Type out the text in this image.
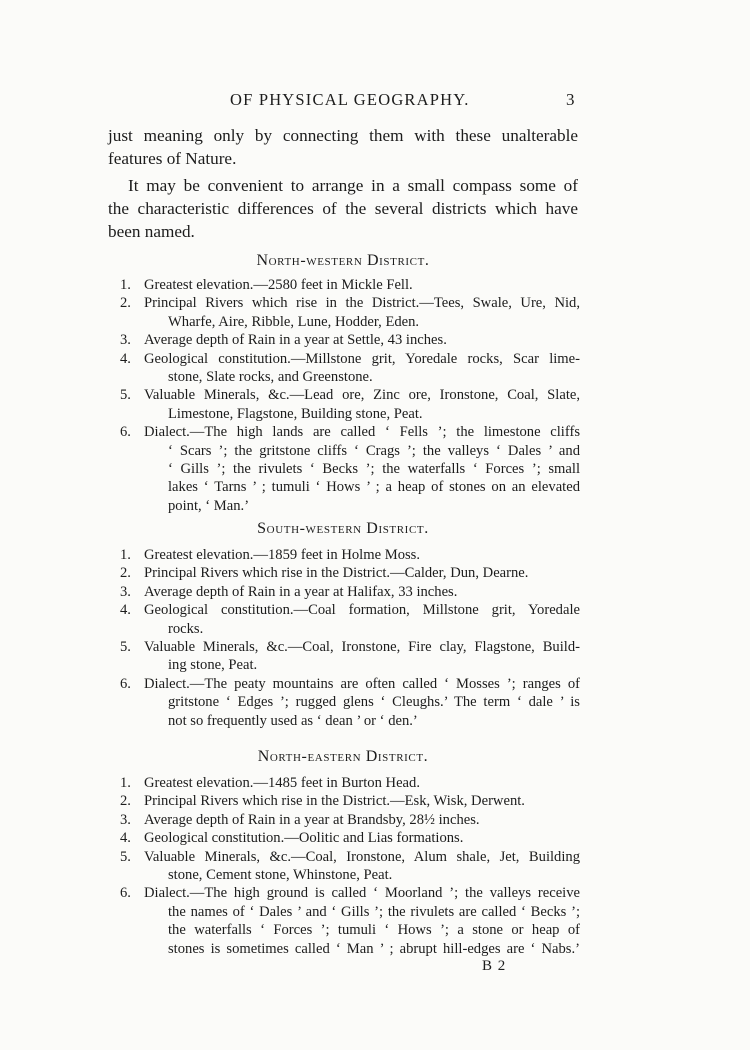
OF PHYSICAL GEOGRAPHY.	3
just meaning only by connecting them with these unalterable
features of Nature.
It may be convenient to arrange in a small compass some of
the characteristic differences of the several districts which have
been named.
North-western District.
1. Greatest elevation.—2580 feet in Mickle Fell.
2. Principal Rivers which rise in the District.—Tees, Swale, Ure, Nid,
Wharfe, Aire, Ribble, Lune, Hodder, Eden.
3. Average depth of Rain in a year at Settle, 43 inches.
4. Geological constitution.—Millstone grit, Yoredale rocks, Scar lime-
stone, Slate rocks, and Greenstone.
5. Valuable Minerals, &c.—Lead ore, Zinc ore, Ironstone, Coal, Slate,
Limestone, Flagstone, Building stone, Peat.
6. Dialect.—The high lands are called ‘ Fells ’; the limestone cliffs
‘ Scars ’; the gritstone cliffs ‘ Crags ’; the valleys ‘ Dales ’ and
‘ Gills ’; the rivulets ‘ Becks ’; the waterfalls ‘ Forces ’; small
lakes ‘ Tarns ’ ; tumuli ‘ Hows ’ ; a heap of stones on an elevated
point, ‘ Man.’
South-western District.
1. Greatest elevation.—1859 feet in Holme Moss.
2. Principal Rivers which rise in the District.—Calder, Dun, Dearne.
3. Average depth of Rain in a year at Halifax, 33 inches.
4. Geological constitution.—Coal formation, Millstone grit, Yoredale
rocks.
5. Valuable Minerals, &c.—Coal, Ironstone, Fire clay, Flagstone, Build-
ing stone, Peat.
6. Dialect.—The peaty mountains are often called ‘ Mosses ’; ranges of
gritstone ‘ Edges ’; rugged glens ‘ Cleughs.’ The term ‘ dale ’ is
not so frequently used as ‘ dean ’ or ‘ den.’
North-eastern District.
1. Greatest elevation.—1485 feet in Burton Head.
2. Principal Rivers which rise in the District.—Esk, Wisk, Derwent.
3. Average depth of Rain in a year at Brandsby, 28½ inches.
4. Geological constitution.—Oolitic and Lias formations.
5. Valuable Minerals, &c.—Coal, Ironstone, Alum shale, Jet, Building
stone, Cement stone, Whinstone, Peat.
6. Dialect.—The high ground is called ‘ Moorland ’; the valleys receive
the names of ‘ Dales ’ and ‘ Gills ’; the rivulets are called ‘ Becks ’;
the waterfalls ‘ Forces ’; tumuli ‘ Hows ’; a stone or heap of
stones is sometimes called ‘ Man ’ ; abrupt hill-edges are ‘ Nabs.’
B 2
